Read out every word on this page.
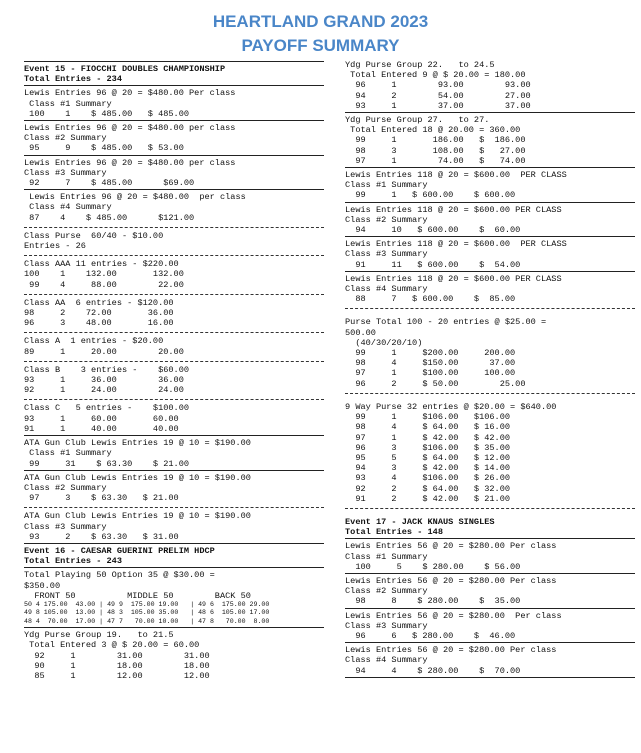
HEARTLAND GRAND 2023
PAYOFF SUMMARY
Event 15 - FIOCCHI DOUBLES CHAMPIONSHIP
Total Entries - 234
Lewis Entries 96 @ 20 = $480.00 Per class
Class #1 Summary
100    1    $ 485.00   $ 485.00
Lewis Entries 96 @ 20 = $480.00 per class
Class #2 Summary
95     9    $ 485.00   $ 53.00
Lewis Entries 96 @ 20 = $480.00 per class
Class #3 Summary
92     7    $ 485.00      $69.00
Lewis Entries 96 @ 20 = $480.00  per class
Class #4 Summary
87    4    $ 485.00      $121.00
Class Purse  60/40 - $10.00
Entries - 26
Class AAA 11 entries - $220.00
100    1    132.00       132.00
99    4     88.00        22.00
Class AA  6 entries - $120.00
98     2    72.00       36.00
96     3    48.00       16.00
Class A  1 entries - $20.00
89     1     20.00        20.00
Class B    3 entries -    $60.00
93     1     36.00        36.00
92     1     24.00        24.00
Class C   5 entries -    $100.00
93     1     60.00       60.00
91     1     40.00       40.00
ATA Gun Club Lewis Entries 19 @ 10 = $190.00
Class #1 Summary
99     31    $ 63.30    $ 21.00
ATA Gun Club Lewis Entries 19 @ 10 = $190.00
Class #2 Summary
97     3    $ 63.30   $ 21.00
ATA Gun Club Lewis Entries 19 @ 10 = $190.00
Class #3 Summary
93     2    $ 63.30   $ 31.00
Event 16 - CAESAR GUERINI PRELIM HDCP
Total Entries - 243
Total Playing 50 Option 35 @ $30.00 =
$350.00
FRONT 50          MIDDLE 50        BACK 50
50 4 175.00  43.00 | 49 9  175.00 19.00   | 49 6  175.00 29.00
49 8 105.00  13.00 | 48 3  105.00 35.00   | 48 6  105.00 17.00
48 4  70.00  17.00 | 47 7   70.00 10.00   | 47 8   70.00  8.00
Ydg Purse Group 19.   to 21.5
Total Entered 3 @ $ 20.00 = 60.00
92     1        31.00        31.00
90     1        18.00        18.00
85     1        12.00        12.00
Ydg Purse Group 22.   to 24.5
Total Entered 9 @ $ 20.00 = 180.00
96     1        93.00        93.00
94     2        54.00        27.00
93     1        37.00        37.00
Ydg Purse Group 27.   to 27.
Total Entered 18 @ 20.00 = 360.00
99     1       186.00   $  186.00
98     3       108.00   $   27.00
97     1        74.00   $   74.00
Lewis Entries 118 @ 20 = $600.00  PER CLASS
Class #1 Summary
99     1   $ 600.00    $ 600.00
Lewis Entries 118 @ 20 = $600.00 PER CLASS
Class #2 Summary
94     10   $ 600.00    $  60.00
Lewis Entries 118 @ 20 = $600.00  PER CLASS
Class #3 Summary
91     11   $ 600.00    $  54.00
Lewis Entries 118 @ 20 = $600.00 PER CLASS
Class #4 Summary
88     7   $ 600.00    $  85.00
Purse Total 100 - 20 entries @ $25.00 =
500.00
(40/30/20/10)
99     1     $200.00     200.00
98     4     $150.00      37.00
97     1     $100.00     100.00
96     2     $ 50.00        25.00
9 Way Purse 32 entries @ $20.00 = $640.00
99     1     $106.00   $106.00
98     4     $ 64.00   $ 16.00
97     1     $ 42.00   $ 42.00
96     3     $106.00   $ 35.00
95     5     $ 64.00   $ 12.00
94     3     $ 42.00   $ 14.00
93     4     $106.00   $ 26.00
92     2     $ 64.00   $ 32.00
91     2     $ 42.00   $ 21.00
Event 17 - JACK KNAUS SINGLES
Total Entries - 148
Lewis Entries 56 @ 20 = $280.00 Per class
Class #1 Summary
100     5    $ 280.00    $ 56.00
Lewis Entries 56 @ 20 = $280.00 Per class
Class #2 Summary
98     8    $ 280.00    $  35.00
Lewis Entries 56 @ 20 = $280.00  Per class
Class #3 Summary
96     6   $ 280.00    $  46.00
Lewis Entries 56 @ 20 = $280.00 Per class
Class #4 Summary
94     4    $ 280.00    $  70.00
